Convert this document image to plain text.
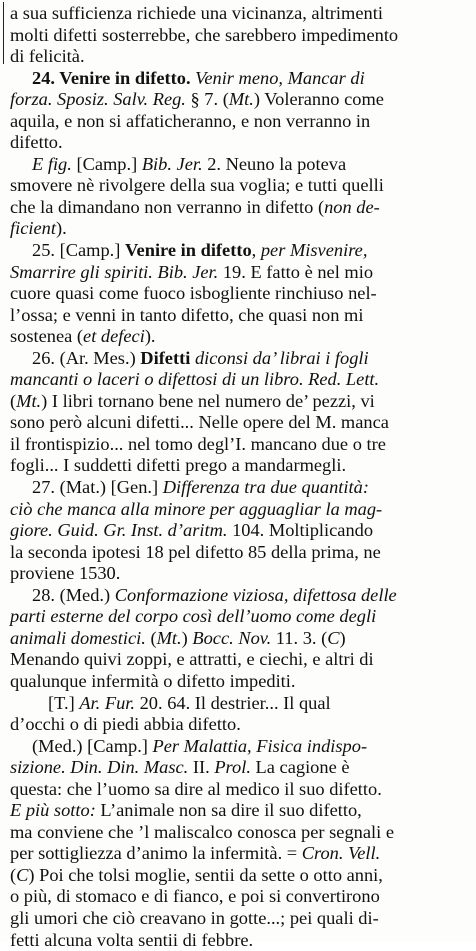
a sua sufficienza richiede una vicinanza, altrimenti
molti difetti sosterrebbe, che sarebbero impedimento
di felicità.
24. Venire in difetto. Venir meno, Mancar di
forza. Sposiz. Salv. Reg. § 7. (Mt.) Voleranno come
aquila, e non si affaticheranno, e non verranno in
difetto.
E fig. [Camp.] Bib. Jer. 2. Neuno la poteva
smovere nè rivolgere della sua voglia; e tutti quelli
che la dimandano non verranno in difetto (non de-
ficient).
25. [Camp.] Venire in difetto, per Misvenire,
Smarrire gli spiriti. Bib. Jer. 19. E fatto è nel mio
cuore quasi come fuoco isbogliente rinchiuso nel-
l’ossa; e venni in tanto difetto, che quasi non mi
sostenea (et defeci).
26. (Ar. Mes.) Difetti diconsi da’ librai i fogli
mancanti o laceri o difettosi di un libro. Red. Lett.
(Mt.) I libri tornano bene nel numero de’ pezzi, vi
sono però alcuni difetti... Nelle opere del M. manca
il frontispizio... nel tomo degl’I. mancano due o tre
fogli... I suddetti difetti prego a mandarmegli.
27. (Mat.) [Gen.] Differenza tra due quantità:
ciò che manca alla minore per agguagliar la mag-
giore. Guid. Gr. Inst. d’aritm. 104. Moltiplicando
la seconda ipotesi 18 pel difetto 85 della prima, ne
proviene 1530.
28. (Med.) Conformazione viziosa, difettosa delle
parti esterne del corpo così dell’uomo come degli
animali domestici. (Mt.) Bocc. Nov. 11. 3. (C)
Menando quivi zoppi, e attratti, e ciechi, e altri di
qualunque infermità o difetto impediti.
[T.] Ar. Fur. 20. 64. Il destrier... Il qual
d’occhi o di piedi abbia difetto.
(Med.) [Camp.] Per Malattia, Fisica indispo-
sizione. Din. Din. Masc. II. Prol. La cagione è
questa: che l’uomo sa dire al medico il suo difetto.
E più sotto: L’animale non sa dire il suo difetto,
ma conviene che ’l maliscalco conosca per segnali e
per sottigliezza d’animo la infermità. = Cron. Vell.
(C) Poi che tolsi moglie, sentii da sette o otto anni,
o più, di stomaco e di fianco, e poi si convertirono
gli umori che ciò creavano in gotte...; pei quali di-
fetti alcuna volta sentii di febbre.
